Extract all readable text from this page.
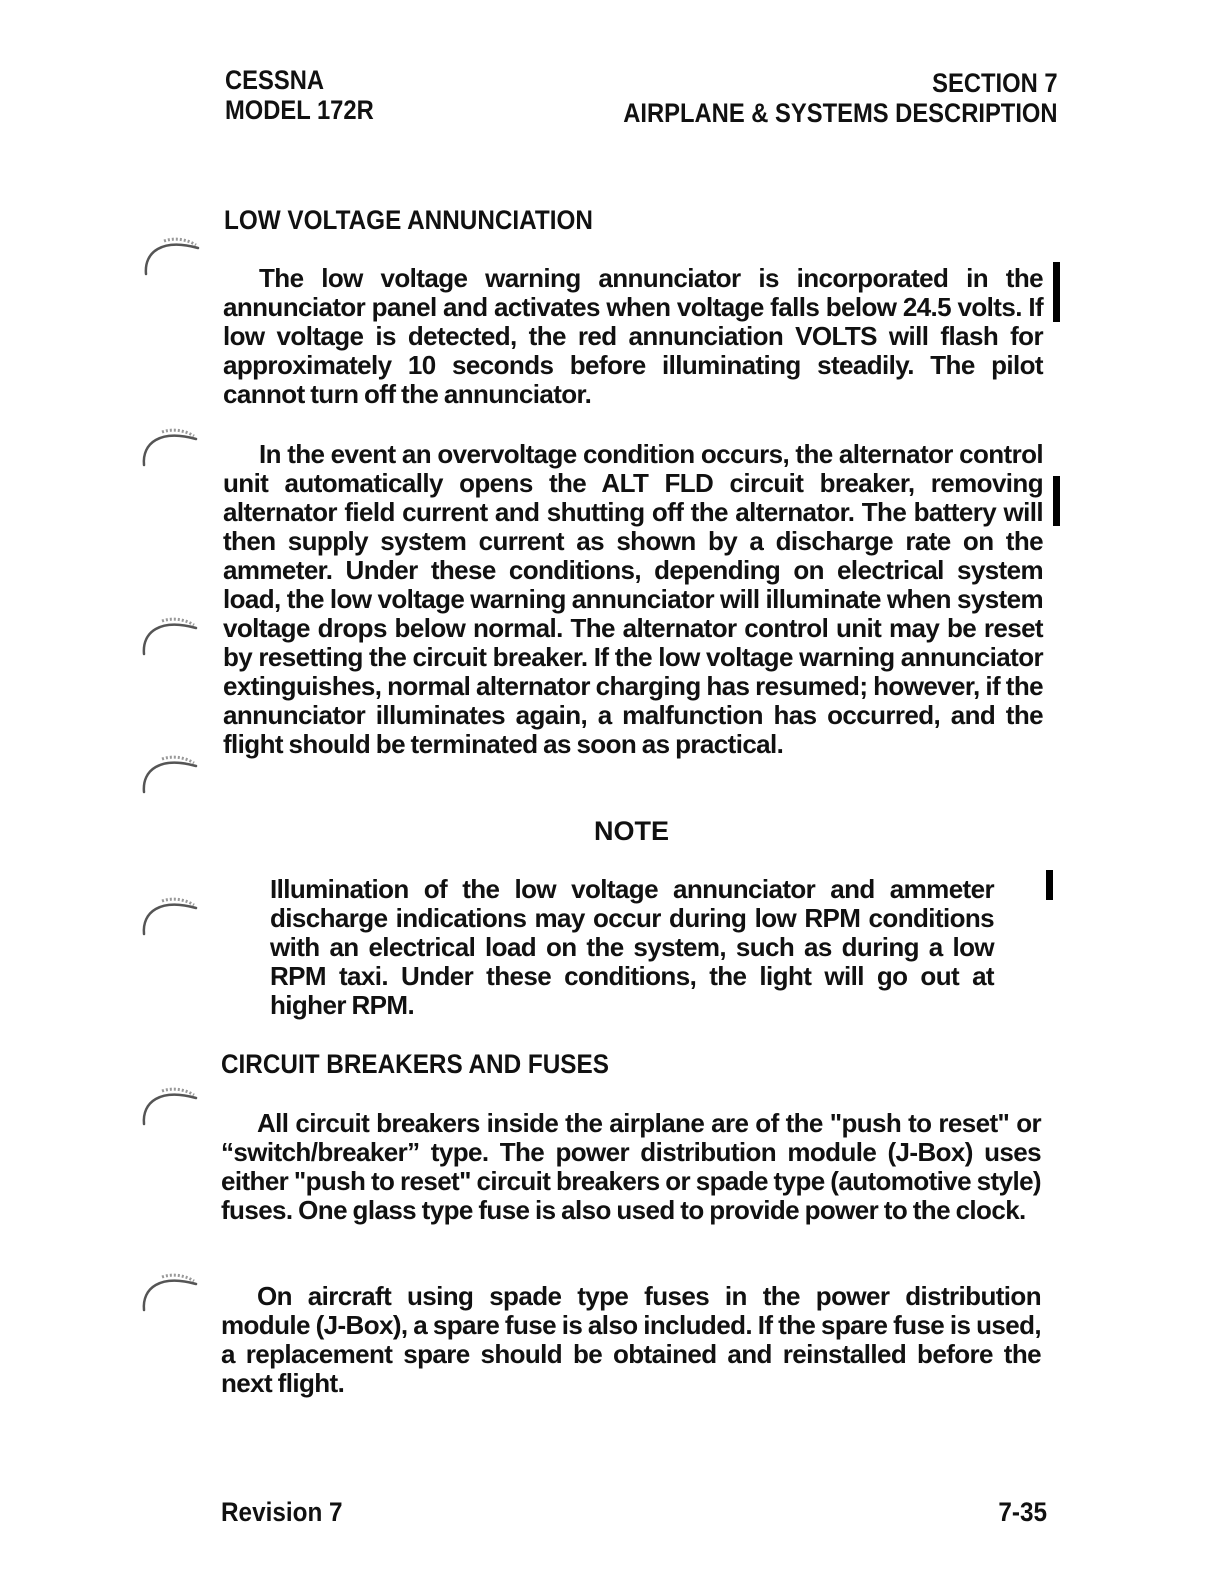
CESSNA
MODEL 172R
SECTION 7
AIRPLANE & SYSTEMS DESCRIPTION
LOW VOLTAGE ANNUNCIATION

The low voltage warning annunciator is incorporated in the annunciator panel and activates when voltage falls below 24.5 volts. If low voltage is detected, the red annunciation VOLTS will flash for approximately 10 seconds before illuminating steadily. The pilot cannot turn off the annunciator.

In the event an overvoltage condition occurs, the alternator control unit automatically opens the ALT FLD circuit breaker, removing alternator field current and shutting off the alternator. The battery will then supply system current as shown by a discharge rate on the ammeter. Under these conditions, depending on electrical system load, the low voltage warning annunciator will illuminate when system voltage drops below normal. The alternator control unit may be reset by resetting the circuit breaker. If the low voltage warning annunciator extinguishes, normal alternator charging has resumed; however, if the annunciator illuminates again, a malfunction has occurred, and the flight should be terminated as soon as practical.

NOTE

Illumination of the low voltage annunciator and ammeter discharge indications may occur during low RPM conditions with an electrical load on the system, such as during a low RPM taxi. Under these conditions, the light will go out at higher RPM.

CIRCUIT BREAKERS AND FUSES

All circuit breakers inside the airplane are of the "push to reset" or “switch/breaker” type. The power distribution module (J-Box) uses either "push to reset" circuit breakers or spade type (automotive style) fuses. One glass type fuse is also used to provide power to the clock.

On aircraft using spade type fuses in the power distribution module (J-Box), a spare fuse is also included. If the spare fuse is used, a replacement spare should be obtained and reinstalled before the next flight.

Revision 7	7-35
